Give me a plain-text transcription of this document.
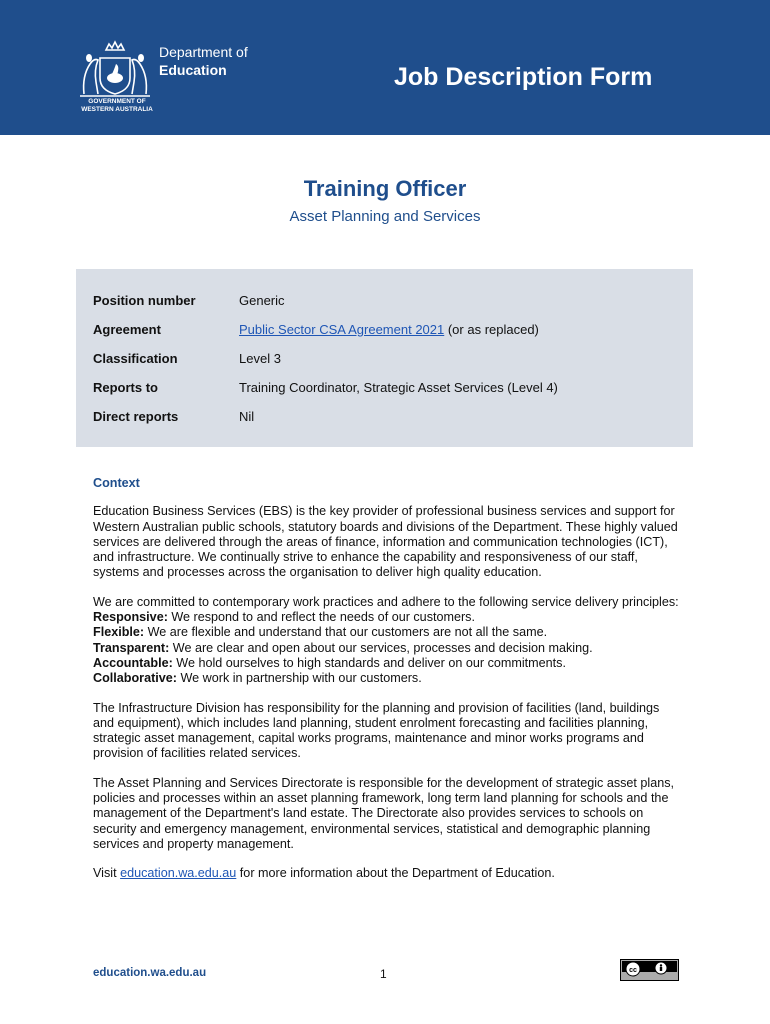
GOVERNMENT OF
WESTERN AUSTRALIA
Department of
Education	Job Description Form
Training Officer
Asset Planning and Services
Position number	Generic
Agreement	Public Sector CSA Agreement 2021 (or as replaced)
Classification	Level 3
Reports to	Training Coordinator, Strategic Asset Services (Level 4)
Direct reports	Nil
Context

Education Business Services (EBS) is the key provider of professional business services and support for Western Australian public schools, statutory boards and divisions of the Department. These highly valued services are delivered through the areas of finance, information and communication technologies (ICT), and infrastructure. We continually strive to enhance the capability and responsiveness of our staff, systems and processes across the organisation to deliver high quality education.

We are committed to contemporary work practices and adhere to the following service delivery principles:
Responsive: We respond to and reflect the needs of our customers.
Flexible: We are flexible and understand that our customers are not all the same.
Transparent: We are clear and open about our services, processes and decision making.
Accountable: We hold ourselves to high standards and deliver on our commitments.
Collaborative: We work in partnership with our customers.

The Infrastructure Division has responsibility for the planning and provision of facilities (land, buildings and equipment), which includes land planning, student enrolment forecasting and facilities planning, strategic asset management, capital works programs, maintenance and minor works programs and provision of facilities related services.

The Asset Planning and Services Directorate is responsible for the development of strategic asset plans, policies and processes within an asset planning framework, long term land planning for schools and the management of the Department's land estate. The Directorate also provides services to schools on security and emergency management, environmental services, statistical and demographic planning services and property management.

Visit education.wa.edu.au for more information about the Department of Education.

education.wa.edu.au	1	cc
